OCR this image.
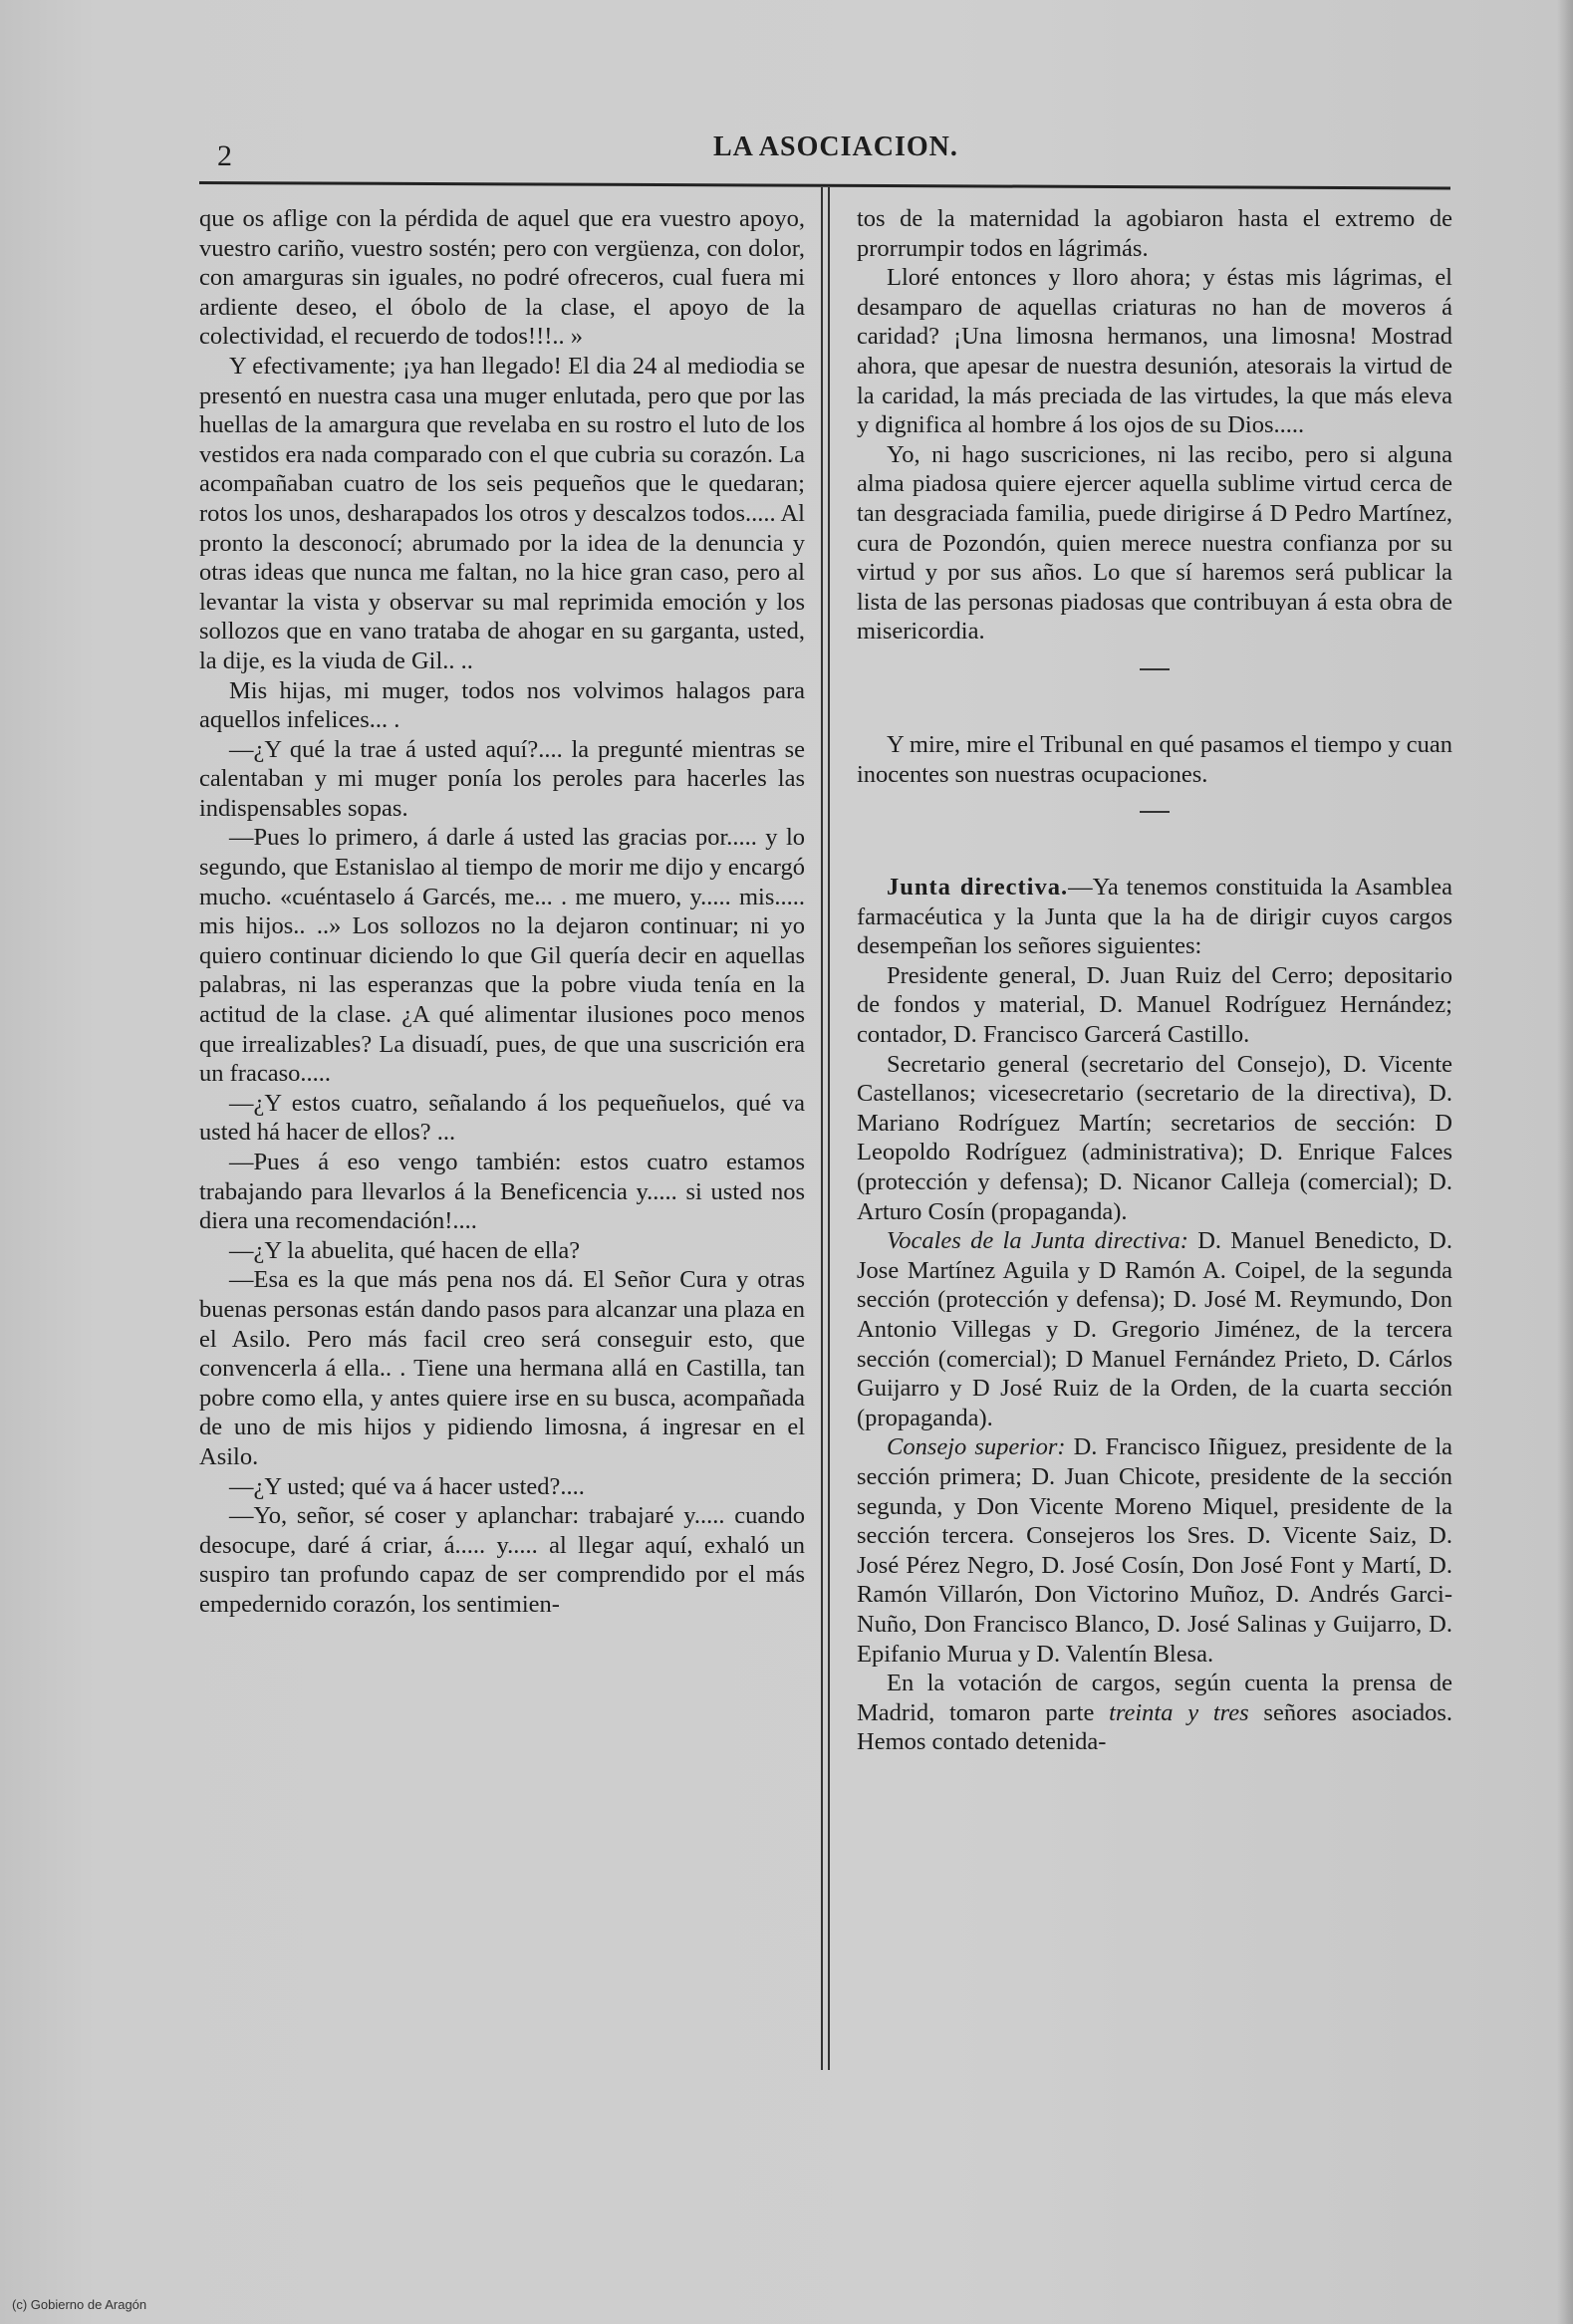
2	LA ASOCIACION.

que os aflige con la pérdida de aquel que era vuestro apoyo, vuestro cariño, vuestro sostén; pero con vergüenza, con dolor, con amarguras sin iguales, no podré ofreceros, cual fuera mi ardiente deseo, el óbolo de la clase, el apoyo de la colectividad, el recuerdo de todos!!!.. »

Y efectivamente; ¡ya han llegado! El dia 24 al mediodia se presentó en nuestra casa una muger enlutada, pero que por las huellas de la amargura que revelaba en su rostro el luto de los vestidos era nada comparado con el que cubria su corazón. La acompañaban cuatro de los seis pequeños que le quedaran; rotos los unos, desharapados los otros y descalzos todos..... Al pronto la desconocí; abrumado por la idea de la denuncia y otras ideas que nunca me faltan, no la hice gran caso, pero al levantar la vista y observar su mal reprimida emoción y los sollozos que en vano trataba de ahogar en su garganta, usted, la dije, es la viuda de Gil.. ..

Mis hijas, mi muger, todos nos volvimos halagos para aquellos infelices... .

—¿Y qué la trae á usted aquí?.... la pregunté mientras se calentaban y mi muger ponía los peroles para hacerles las indispensables sopas.

—Pues lo primero, á darle á usted las gracias por..... y lo segundo, que Estanislao al tiempo de morir me dijo y encargó mucho. «cuéntaselo á Garcés, me... . me muero, y..... mis..... mis hijos.. ..» Los sollozos no la dejaron continuar; ni yo quiero continuar diciendo lo que Gil quería decir en aquellas palabras, ni las esperanzas que la pobre viuda tenía en la actitud de la clase. ¿A qué alimentar ilusiones poco menos que irrealizables? La disuadí, pues, de que una suscrición era un fracaso.....

—¿Y estos cuatro, señalando á los pequeñuelos, qué va usted há hacer de ellos? ...

—Pues á eso vengo también: estos cuatro estamos trabajando para llevarlos á la Beneficencia y..... si usted nos diera una recomendación!....

—¿Y la abuelita, qué hacen de ella?

—Esa es la que más pena nos dá. El Señor Cura y otras buenas personas están dando pasos para alcanzar una plaza en el Asilo. Pero más facil creo será conseguir esto, que convencerla á ella.. . Tiene una hermana allá en Castilla, tan pobre como ella, y antes quiere irse en su busca, acompañada de uno de mis hijos y pidiendo limosna, á ingresar en el Asilo.

—¿Y usted; qué va á hacer usted?....

—Yo, señor, sé coser y aplanchar: trabajaré y..... cuando desocupe, daré á criar, á..... y..... al llegar aquí, exhaló un suspiro tan profundo capaz de ser comprendido por el más empedernido corazón, los sentimien-

tos de la maternidad la agobiaron hasta el extremo de prorrumpir todos en lágrimás.

Lloré entonces y lloro ahora; y éstas mis lágrimas, el desamparo de aquellas criaturas no han de moveros á caridad? ¡Una limosna hermanos, una limosna! Mostrad ahora, que apesar de nuestra desunión, atesorais la virtud de la caridad, la más preciada de las virtudes, la que más eleva y dignifica al hombre á los ojos de su Dios.....

Yo, ni hago suscriciones, ni las recibo, pero si alguna alma piadosa quiere ejercer aquella sublime virtud cerca de tan desgraciada familia, puede dirigirse á D Pedro Martínez, cura de Pozondón, quien merece nuestra confianza por su virtud y por sus años. Lo que sí haremos será publicar la lista de las personas piadosas que contribuyan á esta obra de misericordia.

Y mire, mire el Tribunal en qué pasamos el tiempo y cuan inocentes son nuestras ocupaciones.

Junta directiva.—Ya tenemos constituida la Asamblea farmacéutica y la Junta que la ha de dirigir cuyos cargos desempeñan los señores siguientes:

Presidente general, D. Juan Ruiz del Cerro; depositario de fondos y material, D. Manuel Rodríguez Hernández; contador, D. Francisco Garcerá Castillo.

Secretario general (secretario del Consejo), D. Vicente Castellanos; vicesecretario (secretario de la directiva), D. Mariano Rodríguez Martín; secretarios de sección: D Leopoldo Rodríguez (administrativa); D. Enrique Falces (protección y defensa); D. Nicanor Calleja (comercial); D. Arturo Cosín (propaganda).

Vocales de la Junta directiva: D. Manuel Benedicto, D. Jose Martínez Aguila y D Ramón A. Coipel, de la segunda sección (protección y defensa); D. José M. Reymundo, Don Antonio Villegas y D. Gregorio Jiménez, de la tercera sección (comercial); D Manuel Fernández Prieto, D. Cárlos Guijarro y D José Ruiz de la Orden, de la cuarta sección (propaganda).

Consejo superior: D. Francisco Iñiguez, presidente de la sección primera; D. Juan Chicote, presidente de la sección segunda, y Don Vicente Moreno Miquel, presidente de la sección tercera. Consejeros los Sres. D. Vicente Saiz, D. José Pérez Negro, D. José Cosín, Don José Font y Martí, D. Ramón Villarón, Don Victorino Muñoz, D. Andrés Garci-Nuño, Don Francisco Blanco, D. José Salinas y Guijarro, D. Epifanio Murua y D. Valentín Blesa.

En la votación de cargos, según cuenta la prensa de Madrid, tomaron parte treinta y tres señores asociados. Hemos contado detenida-

(c) Gobierno de Aragón
